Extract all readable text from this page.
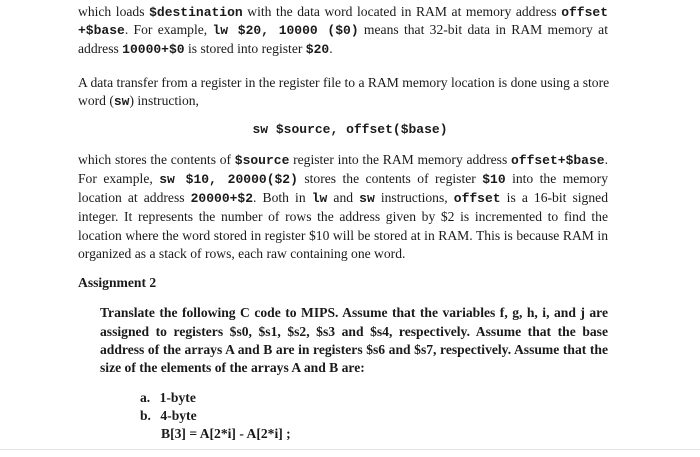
which loads $destination with the data word located in RAM at memory address offset
+$base. For example, lw $20, 10000 ($0) means that 32-bit data in RAM memory at
address 10000+$0 is stored into register $20.
A data transfer from a register in the register file to a RAM memory location is done using a store
word (sw) instruction,
sw $source, offset($base)
which stores the contents of $source register into the RAM memory address offset+$base.
For example, sw $10, 20000($2) stores the contents of register $10 into the memory
location at address 20000+$2. Both in lw and sw instructions, offset is a 16-bit signed
integer. It represents the number of rows the address given by $2 is incremented to find the
location where the word stored in register $10 will be stored at in RAM. This is because RAM in
organized as a stack of rows, each raw containing one word.
Assignment 2
Translate the following C code to MIPS. Assume that the variables f, g, h, i, and j are
assigned to registers $s0, $s1, $s2, $s3 and $s4, respectively. Assume that the base
address of the arrays A and B are in registers $s6 and $s7, respectively. Assume that the
size of the elements of the arrays A and B are:
a. 1-byte
b. 4-byte
B[3] = A[2*i] - A[2*i] ;
